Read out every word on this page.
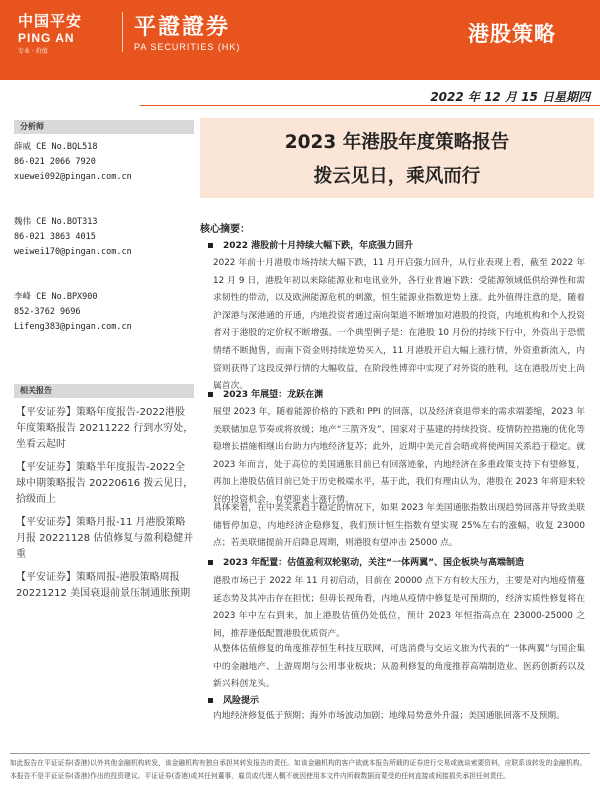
中国平安
PING AN
专业 · 价值
平證證券
PA SECURITIES (HK)
港股策略
2022 年 12 月 15 日星期四
分析师
薛威 CE No.BQL518
86-021 2066 7920
xuewei092@pingan.com.cn
魏伟 CE No.BOT313
86-021 3863 4015
weiwei170@pingan.com.cn
李峰 CE No.BPX900
852-3762 9696
Lifeng383@pingan.com.cn
相关报告
【平安证券】策略年度报告-2022港股年度策略报告 20211222 行到水穷处，坐看云起时
【平安证券】策略半年度报告-2022全球中期策略报告 20220616 拨云见日，拾级而上
【平安证券】策略月报-11 月港股策略月报 20221128 估值修复与盈利稳健并重
【平安证券】策略周报-港股策略周报 20221212 美国衰退前景压制通胀预期
2023 年港股年度策略报告
拨云见日，乘风而行
核心摘要：
2022 港股前十月持续大幅下跌，年底强力回升
2022 年前十月港股市场持续大幅下跌，11 月开启强力回升，从行业表现上看，截至 2022 年 12 月 9 日，港股年初以来除能源业和电讯业外，各行业普遍下跌：受能源领域低供给弹性和需求韧性的带动，以及欧洲能源危机的刺激，恒生能源业指数逆势上涨。此外值得注意的是，随着沪深港与深港通的开通，内地投资者通过南向渠道不断增加对港股的投资，内地机构和个人投资者对于港股的定价权不断增强。一个典型例子是：在港股 10 月份的持续下行中，外资出于恐慌情绪不断抛售，而南下资金则持续逆势买入，11 月港股开启大幅上涨行情，外资重新流入，内资则获得了这段反弹行情的大幅收益，在阶段性博弈中实现了对外资的胜利，这在港股历史上尚属首次。
2023 年展望：龙跃在渊
展望 2023 年，随着能源价格的下跌和 PPI 的回落，以及经济衰退带来的需求端萎缩，2023 年美联储加息节奏或将放缓；地产“三箭齐发”、国家对于基建的持续投资、疫情防控措施的优化等稳增长措施相继出台助力内地经济复苏；此外，近期中美元首会晤或将使两国关系趋于稳定。就 2023 年而言，处于高位的美国通胀目前已有回落迹象，内地经济在多重政策支持下有望修复，再加上港股估值目前已处于历史极端水平，基于此，我们有理由认为，港股在 2023 年将迎来较好的投资机会，有望迎来上涨行情。
具体来看，在中美关系趋于稳定的情况下，如果 2023 年美国通胀指数出现趋势回落并导致美联储暂停加息，内地经济企稳修复，我们预计恒生指数有望实现 25%左右的涨幅，收复 23000 点；若美联储提前开启降息周期，则港股有望冲击 25000 点。
2023 年配置：估值盈利双轮驱动，关注“一体两翼”、国企板块与高端制造
港股市场已于 2022 年 11 月初启动，目前在 20000 点下方有较大压力，主要是对内地疫情蔓延态势及其冲击存在担忧；但毋长视角看，内地从疫情中修复是可预期的，经济实质性修复将在 2023 年中左右到来，加上港股估值仍处低位，预计 2023 年恒指高点在 23000-25000 之间，推荐逢低配置港股优质资产。
从整体估值修复的角度推荐恒生科技互联网，可选消费与交运文旅为代表的“一体两翼”与国企集中的金融地产、上游周期与公用事业板块；从盈利修复的角度推荐高端制造业、医药创新药以及新兴科创龙头。
风险提示
内地经济修复低于预期；海外市场波动加剧；地缘局势意外升温；美国通胀回落不及预期。
如此报告在平证证券(香港)以外其他金融机构转发，该金融机构有独自承担其转发报告的责任。如该金融机构的客户欲就本报告所载的证券进行交易或就谈索要资料，应联系该转发的金融机构。本报告不是平证证券(香港)作出的投资建议。平证证券(香港)或其任何董事、雇员或代理人概不就因使用本文件内所载数据而蒙受的任何直接或间接损失承担任何责任。
